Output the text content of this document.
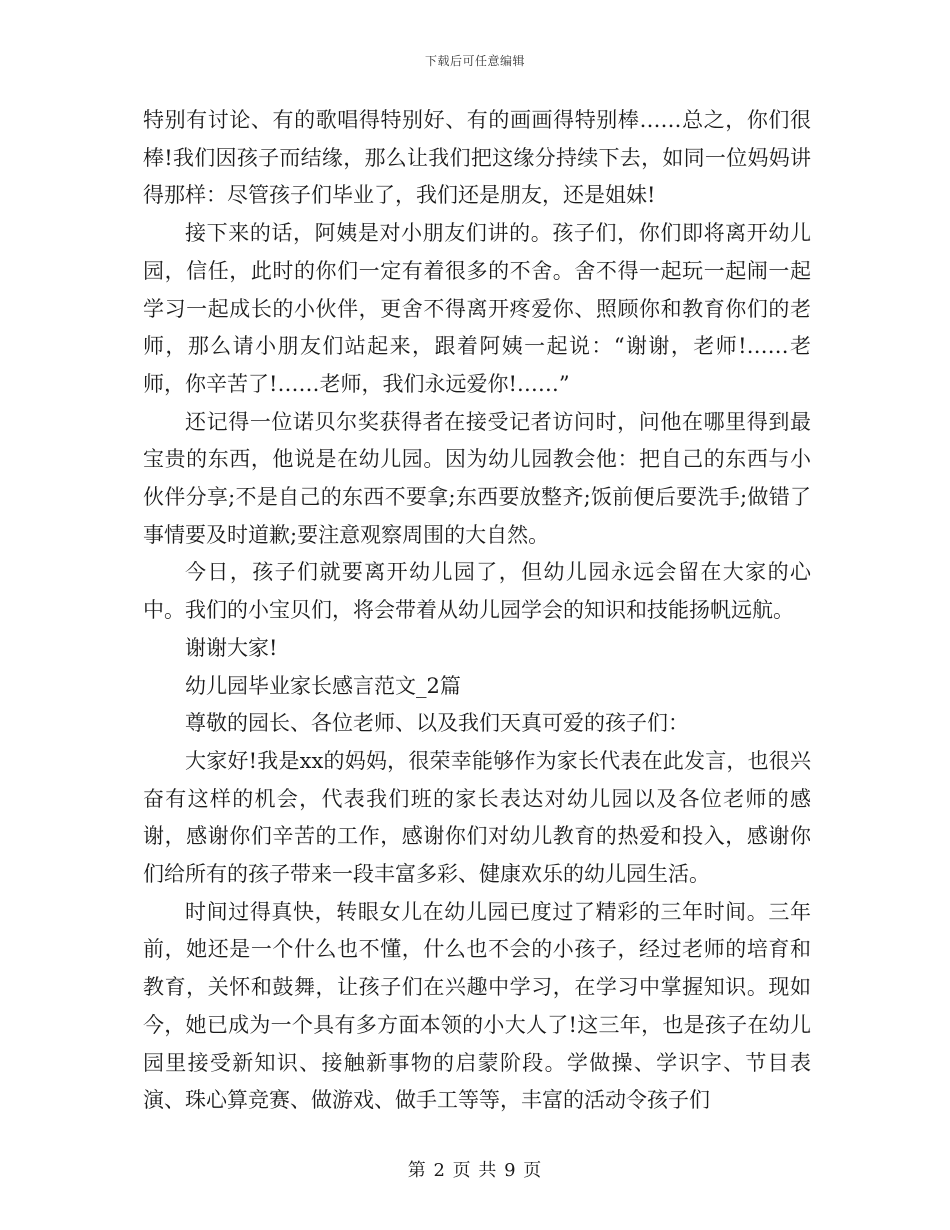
下载后可任意编辑

特别有讨论、有的歌唱得特别好、有的画画得特别棒……总之，你们很棒!我们因孩子而结缘，那么让我们把这缘分持续下去，如同一位妈妈讲得那样：尽管孩子们毕业了，我们还是朋友，还是姐妹!

接下来的话，阿姨是对小朋友们讲的。孩子们，你们即将离开幼儿园，信任，此时的你们一定有着很多的不舍。舍不得一起玩一起闹一起学习一起成长的小伙伴，更舍不得离开疼爱你、照顾你和教育你们的老师，那么请小朋友们站起来，跟着阿姨一起说：“谢谢，老师!……老师，你辛苦了!……老师，我们永远爱你!……”

还记得一位诺贝尔奖获得者在接受记者访问时，问他在哪里得到最宝贵的东西，他说是在幼儿园。因为幼儿园教会他：把自己的东西与小伙伴分享;不是自己的东西不要拿;东西要放整齐;饭前便后要洗手;做错了事情要及时道歉;要注意观察周围的大自然。

今日，孩子们就要离开幼儿园了，但幼儿园永远会留在大家的心中。我们的小宝贝们，将会带着从幼儿园学会的知识和技能扬帆远航。

谢谢大家!

幼儿园毕业家长感言范文_2篇

尊敬的园长、各位老师、以及我们天真可爱的孩子们：

大家好!我是xx的妈妈，很荣幸能够作为家长代表在此发言，也很兴奋有这样的机会，代表我们班的家长表达对幼儿园以及各位老师的感谢，感谢你们辛苦的工作，感谢你们对幼儿教育的热爱和投入，感谢你们给所有的孩子带来一段丰富多彩、健康欢乐的幼儿园生活。

时间过得真快，转眼女儿在幼儿园已度过了精彩的三年时间。三年前，她还是一个什么也不懂，什么也不会的小孩子，经过老师的培育和教育，关怀和鼓舞，让孩子们在兴趣中学习，在学习中掌握知识。现如今，她已成为一个具有多方面本领的小大人了!这三年，也是孩子在幼儿园里接受新知识、接触新事物的启蒙阶段。学做操、学识字、节目表演、珠心算竞赛、做游戏、做手工等等，丰富的活动令孩子们

第 2 页 共 9 页
